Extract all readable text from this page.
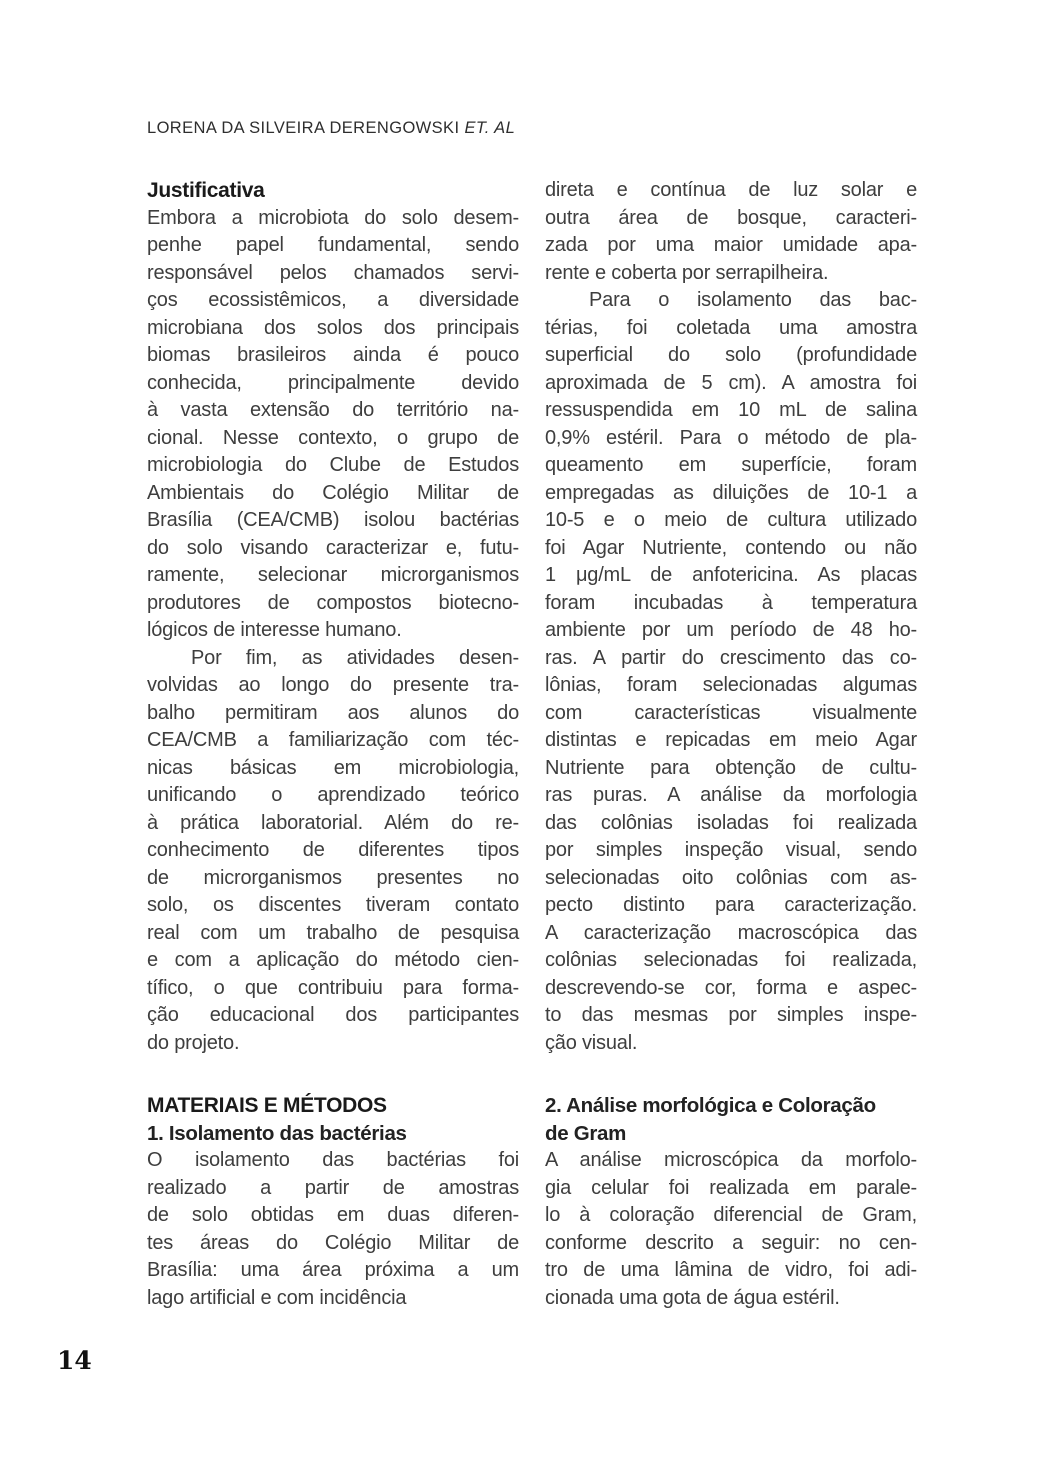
LORENA DA SILVEIRA DERENGOWSKI ET. AL
Justificativa
Embora a microbiota do solo desem-
penhe papel fundamental, sendo
responsável pelos chamados servi-
ços ecossistêmicos, a diversidade
microbiana dos solos dos principais
biomas brasileiros ainda é pouco
conhecida, principalmente devido
à vasta extensão do território na-
cional. Nesse contexto, o grupo de
microbiologia do Clube de Estudos
Ambientais do Colégio Militar de
Brasília (CEA/CMB) isolou bactérias
do solo visando caracterizar e, futu-
ramente, selecionar microrganismos
produtores de compostos biotecno-
lógicos de interesse humano.
Por fim, as atividades desen-
volvidas ao longo do presente tra-
balho permitiram aos alunos do
CEA/CMB a familiarização com téc-
nicas básicas em microbiologia,
unificando o aprendizado teórico
à prática laboratorial. Além do re-
conhecimento de diferentes tipos
de microrganismos presentes no
solo, os discentes tiveram contato
real com um trabalho de pesquisa
e com a aplicação do método cien-
tífico, o que contribuiu para forma-
ção educacional dos participantes
do projeto.
MATERIAIS E MÉTODOS
1. Isolamento das bactérias
O isolamento das bactérias foi
realizado a partir de amostras
de solo obtidas em duas diferen-
tes áreas do Colégio Militar de
Brasília: uma área próxima a um
lago artificial e com incidência
direta e contínua de luz solar e
outra área de bosque, caracteri-
zada por uma maior umidade apa-
rente e coberta por serrapilheira.
Para o isolamento das bac-
térias, foi coletada uma amostra
superficial do solo (profundidade
aproximada de 5 cm). A amostra foi
ressuspendida em 10 mL de salina
0,9% estéril. Para o método de pla-
queamento em superfície, foram
empregadas as diluições de 10-1 a
10-5 e o meio de cultura utilizado
foi Agar Nutriente, contendo ou não
1 μg/mL de anfotericina. As placas
foram incubadas à temperatura
ambiente por um período de 48 ho-
ras. A partir do crescimento das co-
lônias, foram selecionadas algumas
com características visualmente
distintas e repicadas em meio Agar
Nutriente para obtenção de cultu-
ras puras. A análise da morfologia
das colônias isoladas foi realizada
por simples inspeção visual, sendo
selecionadas oito colônias com as-
pecto distinto para caracterização.
A caracterização macroscópica das
colônias selecionadas foi realizada,
descrevendo-se cor, forma e aspec-
to das mesmas por simples inspe-
ção visual.
2. Análise morfológica e Coloração
de Gram
A análise microscópica da morfolo-
gia celular foi realizada em parale-
lo à coloração diferencial de Gram,
conforme descrito a seguir: no cen-
tro de uma lâmina de vidro, foi adi-
cionada uma gota de água estéril.
14
